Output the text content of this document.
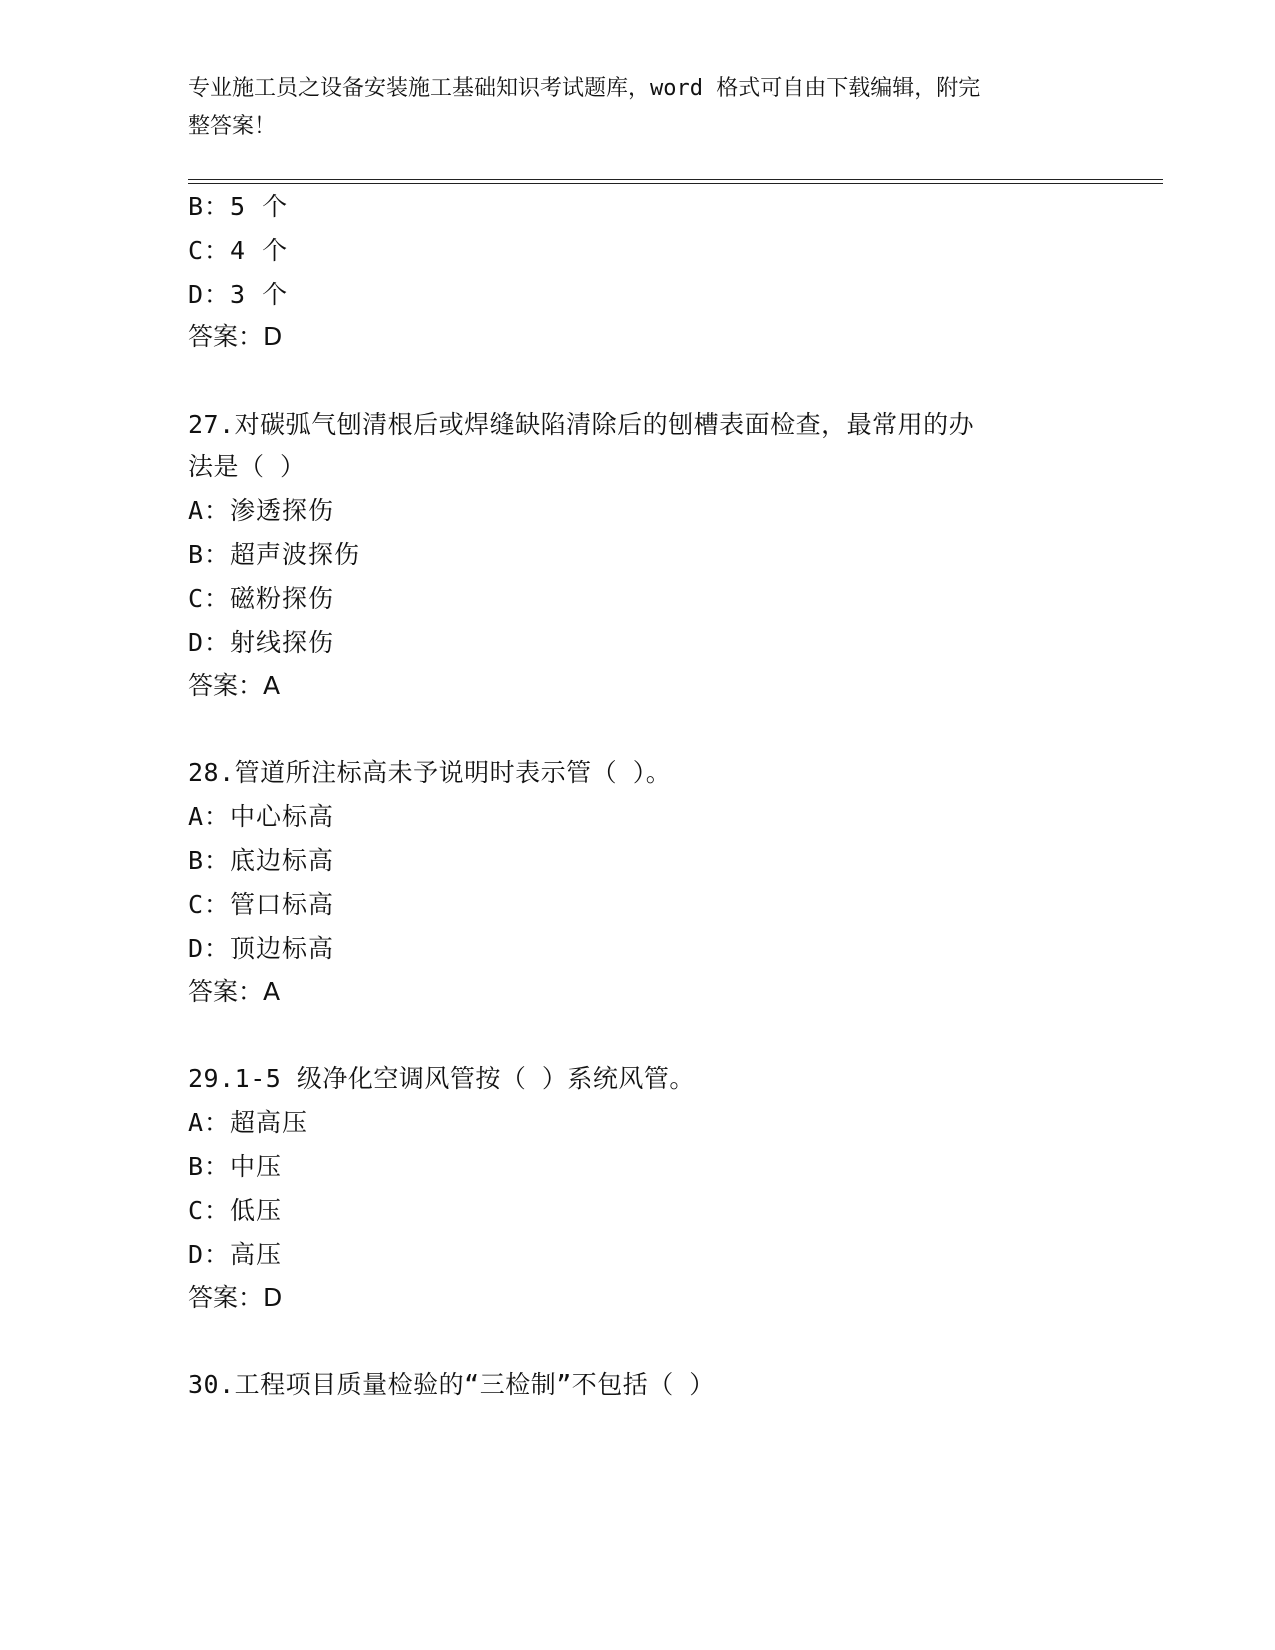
专业施工员之设备安装施工基础知识考试题库，word 格式可自由下载编辑，附完
整答案！
B：5 个
C：4 个
D：3 个
答案：D
27.对碳弧气刨清根后或焊缝缺陷清除后的刨槽表面检查，最常用的办
法是（ ）
A：渗透探伤
B：超声波探伤
C：磁粉探伤
D：射线探伤
答案：A
28.管道所注标高未予说明时表示管（ ）。
A：中心标高
B：底边标高
C：管口标高
D：顶边标高
答案：A
29.1-5 级净化空调风管按（ ）系统风管。
A：超高压
B：中压
C：低压
D：高压
答案：D
30.工程项目质量检验的“三检制”不包括（ ）
